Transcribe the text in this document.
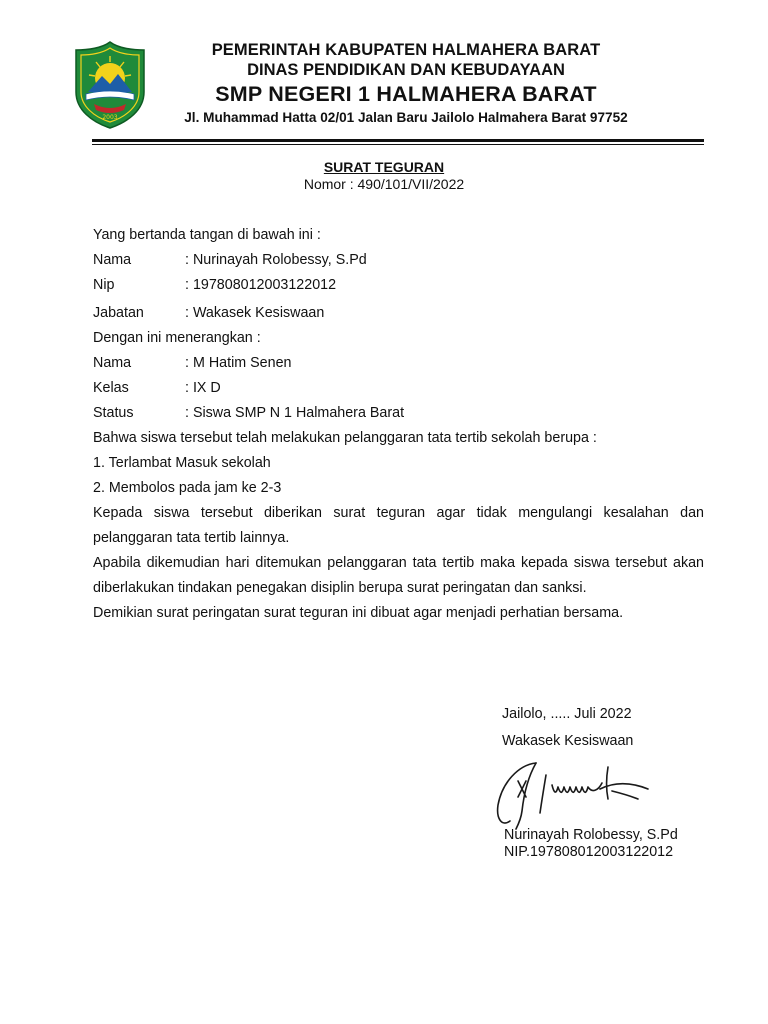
2003
PEMERINTAH KABUPATEN HALMAHERA BARAT
DINAS PENDIDIKAN DAN KEBUDAYAAN
SMP NEGERI 1 HALMAHERA BARAT
Jl. Muhammad Hatta 02/01 Jalan Baru Jailolo Halmahera Barat 97752
SURAT TEGURAN
Nomor : 490/101/VII/2022
Yang bertanda tangan di bawah ini :
Nama	: Nurinayah Rolobessy, S.Pd
Nip	: 197808012003122012
Jabatan	: Wakasek Kesiswaan
Dengan ini menerangkan :
Nama	: M Hatim Senen
Kelas	: IX D
Status	: Siswa SMP N 1 Halmahera Barat
Bahwa siswa tersebut telah melakukan pelanggaran tata tertib sekolah berupa :
1. Terlambat Masuk sekolah
2. Membolos pada jam ke 2-3

Kepada siswa tersebut diberikan surat teguran agar tidak mengulangi kesalahan dan pelanggaran tata tertib lainnya.

Apabila dikemudian hari ditemukan pelanggaran tata tertib maka kepada siswa tersebut akan diberlakukan tindakan penegakan disiplin berupa surat peringatan dan sanksi.

Demikian surat peringatan surat teguran ini dibuat agar menjadi perhatian bersama.

Jailolo, ..... Juli 2022
Wakasek Kesiswaan
Nurinayah Rolobessy, S.Pd
NIP.197808012003122012
